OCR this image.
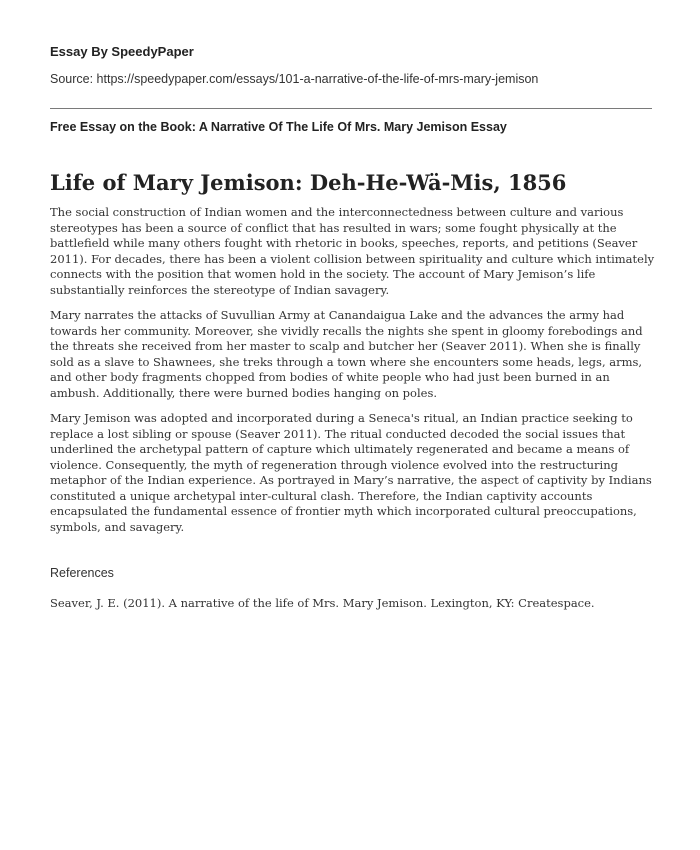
Essay By SpeedyPaper
Source: https://speedypaper.com/essays/101-a-narrative-of-the-life-of-mrs-mary-jemison
Free Essay on the Book: A Narrative Of The Life Of Mrs. Mary Jemison Essay
Life of Mary Jemison: Deh-He-Wä-Mis, 1856

The social construction of Indian women and the interconnectedness between culture and various stereotypes has been a source of conflict that has resulted in wars; some fought physically at the battlefield while many others fought with rhetoric in books, speeches, reports, and petitions (Seaver 2011). For decades, there has been a violent collision between spirituality and culture which intimately connects with the position that women hold in the society. The account of Mary Jemison’s life substantially reinforces the stereotype of Indian savagery.

Mary narrates the attacks of Suvullian Army at Canandaigua Lake and the advances the army had towards her community. Moreover, she vividly recalls the nights she spent in gloomy forebodings and the threats she received from her master to scalp and butcher her (Seaver 2011). When she is finally sold as a slave to Shawnees, she treks through a town where she encounters some heads, legs, arms, and other body fragments chopped from bodies of white people who had just been burned in an ambush. Additionally, there were burned bodies hanging on poles.

Mary Jemison was adopted and incorporated during a Seneca's ritual, an Indian practice seeking to replace a lost sibling or spouse (Seaver 2011). The ritual conducted decoded the social issues that underlined the archetypal pattern of capture which ultimately regenerated and became a means of violence. Consequently, the myth of regeneration through violence evolved into the restructuring metaphor of the Indian experience. As portrayed in Mary’s narrative, the aspect of captivity by Indians constituted a unique archetypal inter-cultural clash. Therefore, the Indian captivity accounts encapsulated the fundamental essence of frontier myth which incorporated cultural preoccupations, symbols, and savagery.

References
Seaver, J. E. (2011). A narrative of the life of Mrs. Mary Jemison. Lexington, KY: Createspace.
